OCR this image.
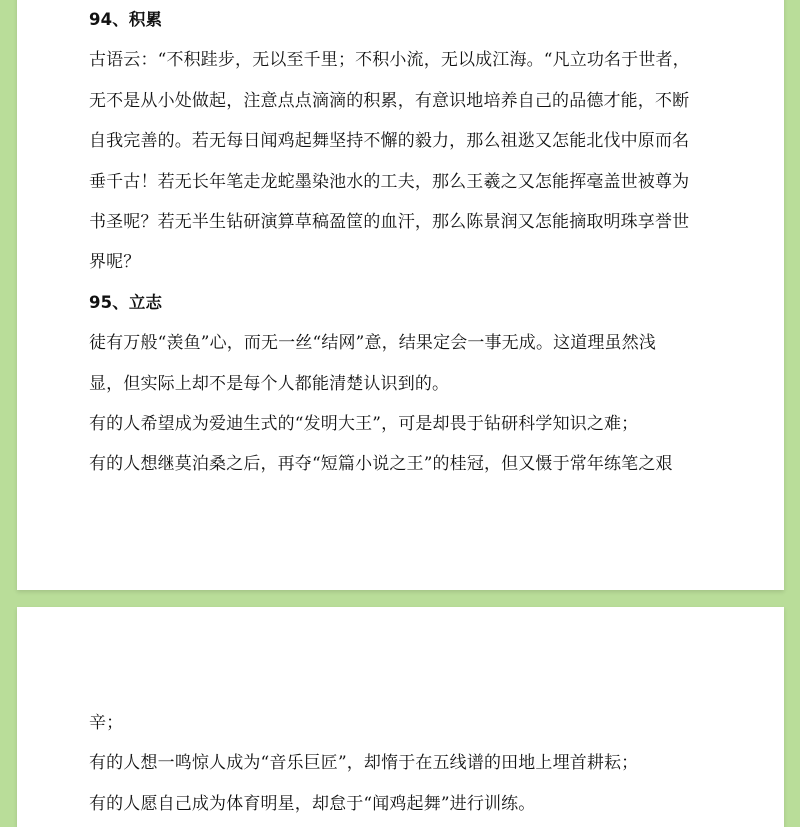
94、积累
古语云：“不积跬步，无以至千里；不积小流，无以成江海。“凡立功名于世者，
无不是从小处做起，注意点点滴滴的积累，有意识地培养自己的品德才能，不断
自我完善的。若无每日闻鸡起舞坚持不懈的毅力，那么祖逖又怎能北伐中原而名
垂千古！若无长年笔走龙蛇墨染池水的工夫，那么王羲之又怎能挥毫盖世被尊为
书圣呢？若无半生钻研演算草稿盈筐的血汗，那么陈景润又怎能摘取明珠享誉世
界呢？
95、立志
徒有万般“羡鱼”心，而无一丝“结网”意，结果定会一事无成。这道理虽然浅
显，但实际上却不是每个人都能清楚认识到的。
有的人希望成为爱迪生式的“发明大王”，可是却畏于钻研科学知识之难；
有的人想继莫泊桑之后，再夺“短篇小说之王”的桂冠，但又慑于常年练笔之艰
辛；
有的人想一鸣惊人成为“音乐巨匠”，却惰于在五线谱的田地上埋首耕耘；
有的人愿自己成为体育明星，却怠于“闻鸡起舞”进行训练。
